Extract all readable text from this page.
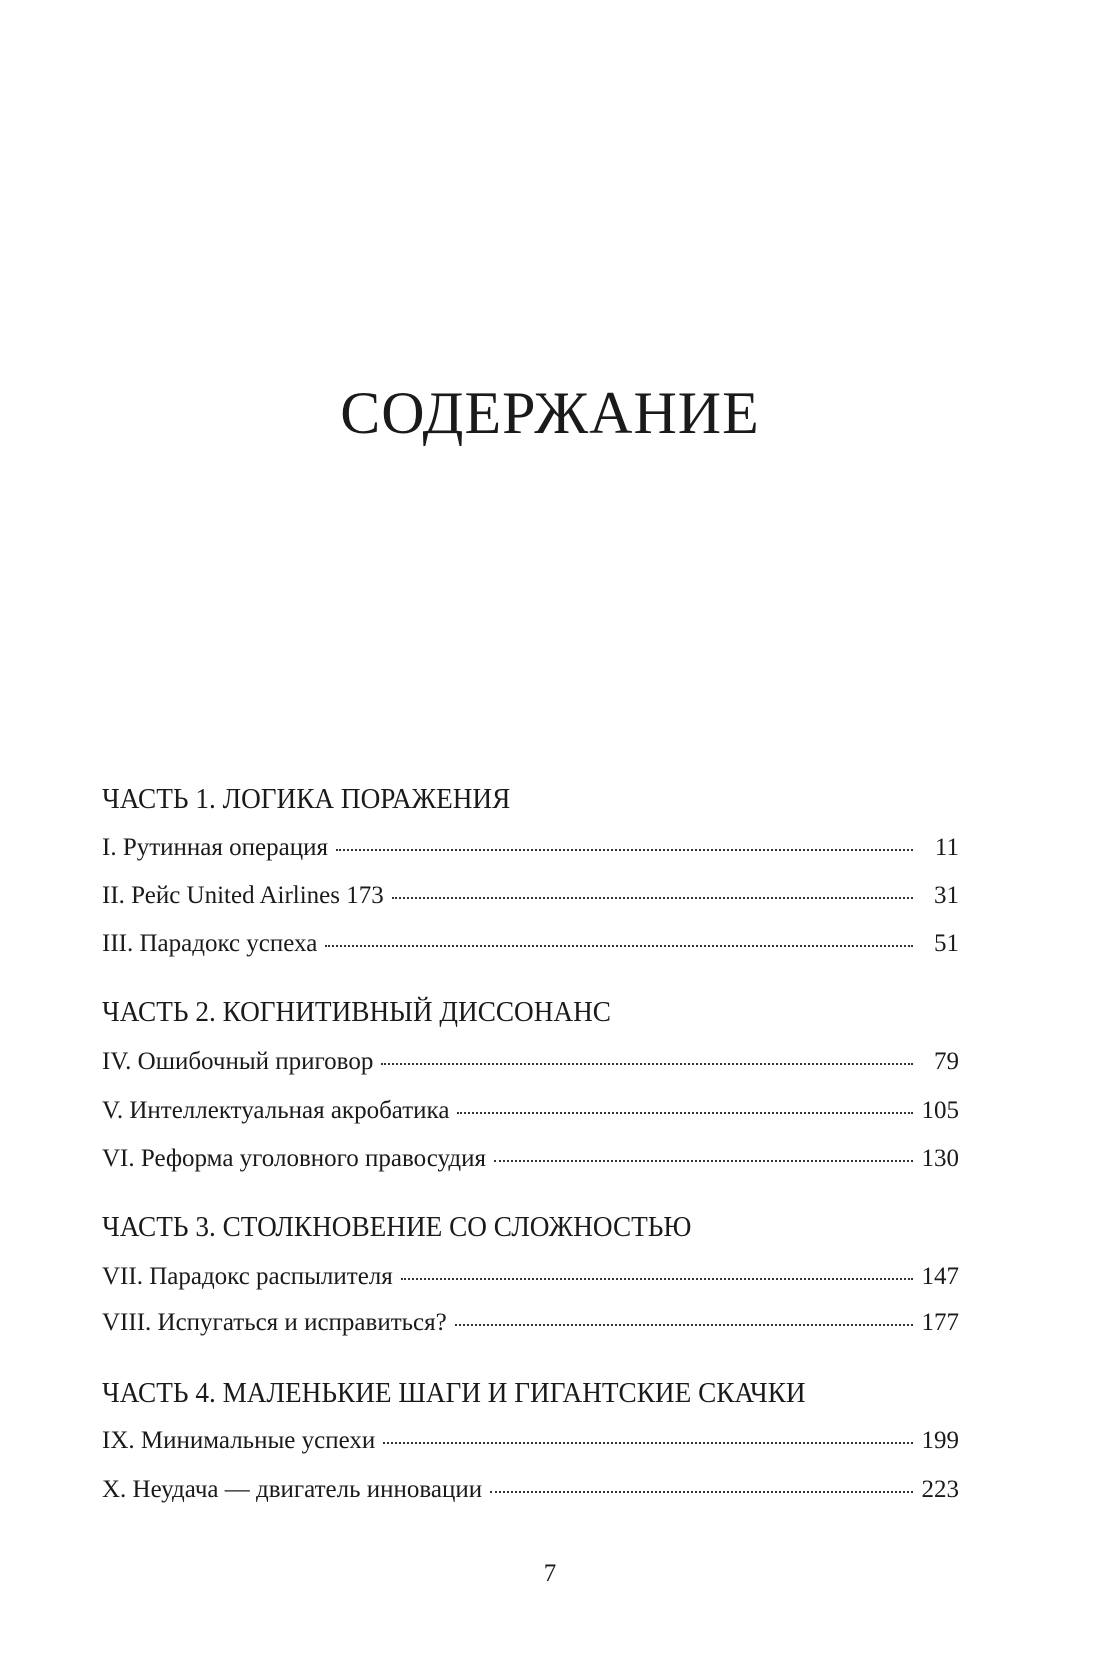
СОДЕРЖАНИЕ
ЧАСТЬ 1. ЛОГИКА ПОРАЖЕНИЯ
I. Рутинная операция	11
II. Рейс United Airlines 173	31
III. Парадокс успеха	51
ЧАСТЬ 2. КОГНИТИВНЫЙ ДИССОНАНС
IV. Ошибочный приговор	79
V. Интеллектуальная акробатика	105
VI. Реформа уголовного правосудия	130
ЧАСТЬ 3. СТОЛКНОВЕНИЕ СО СЛОЖНОСТЬЮ
VII. Парадокс распылителя	147
VIII. Испугаться и исправиться?	177
ЧАСТЬ 4. МАЛЕНЬКИЕ ШАГИ И ГИГАНТСКИЕ СКАЧКИ
IX. Минимальные успехи	199
X. Неудача — двигатель инновации	223
7
